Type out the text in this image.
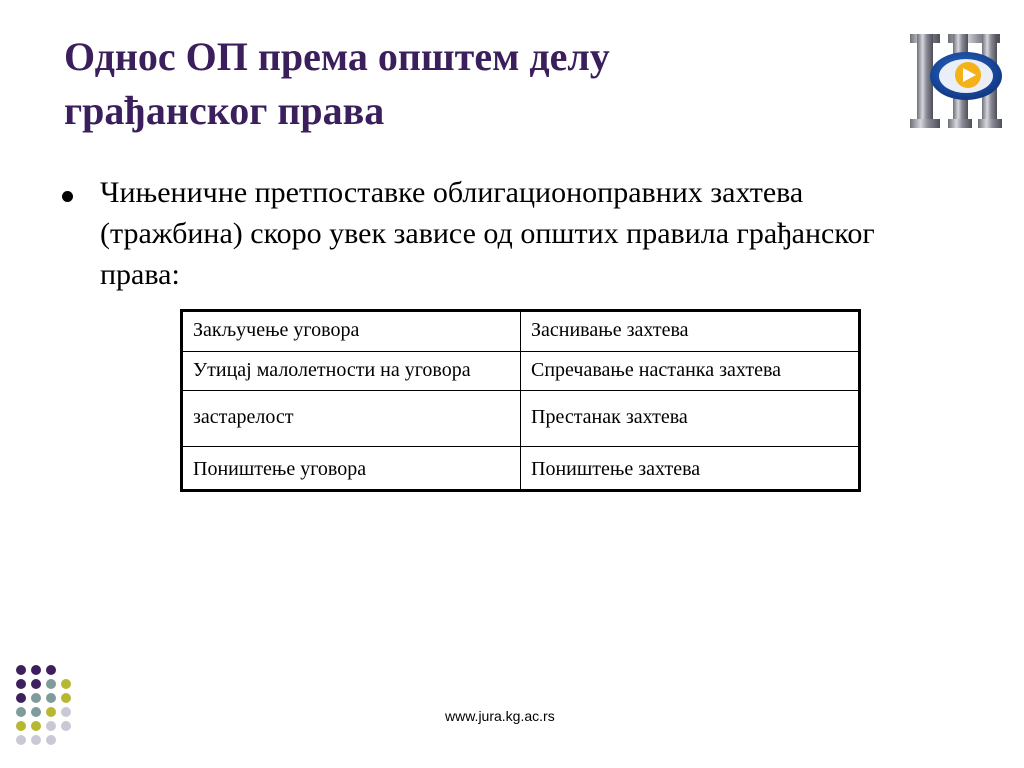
Однос ОП према општем делу
грађанског права
Чињеничне претпоставке облигационоправних захтева (тражбина) скоро увек зависе од општих правила грађанског права:
Закључење уговора	Заснивање захтева
Утицај малолетности на уговора	Спречавање настанка захтева
застарелост	Престанак захтева
Поништење уговора	Поништење захтева
www.jura.kg.ac.rs
